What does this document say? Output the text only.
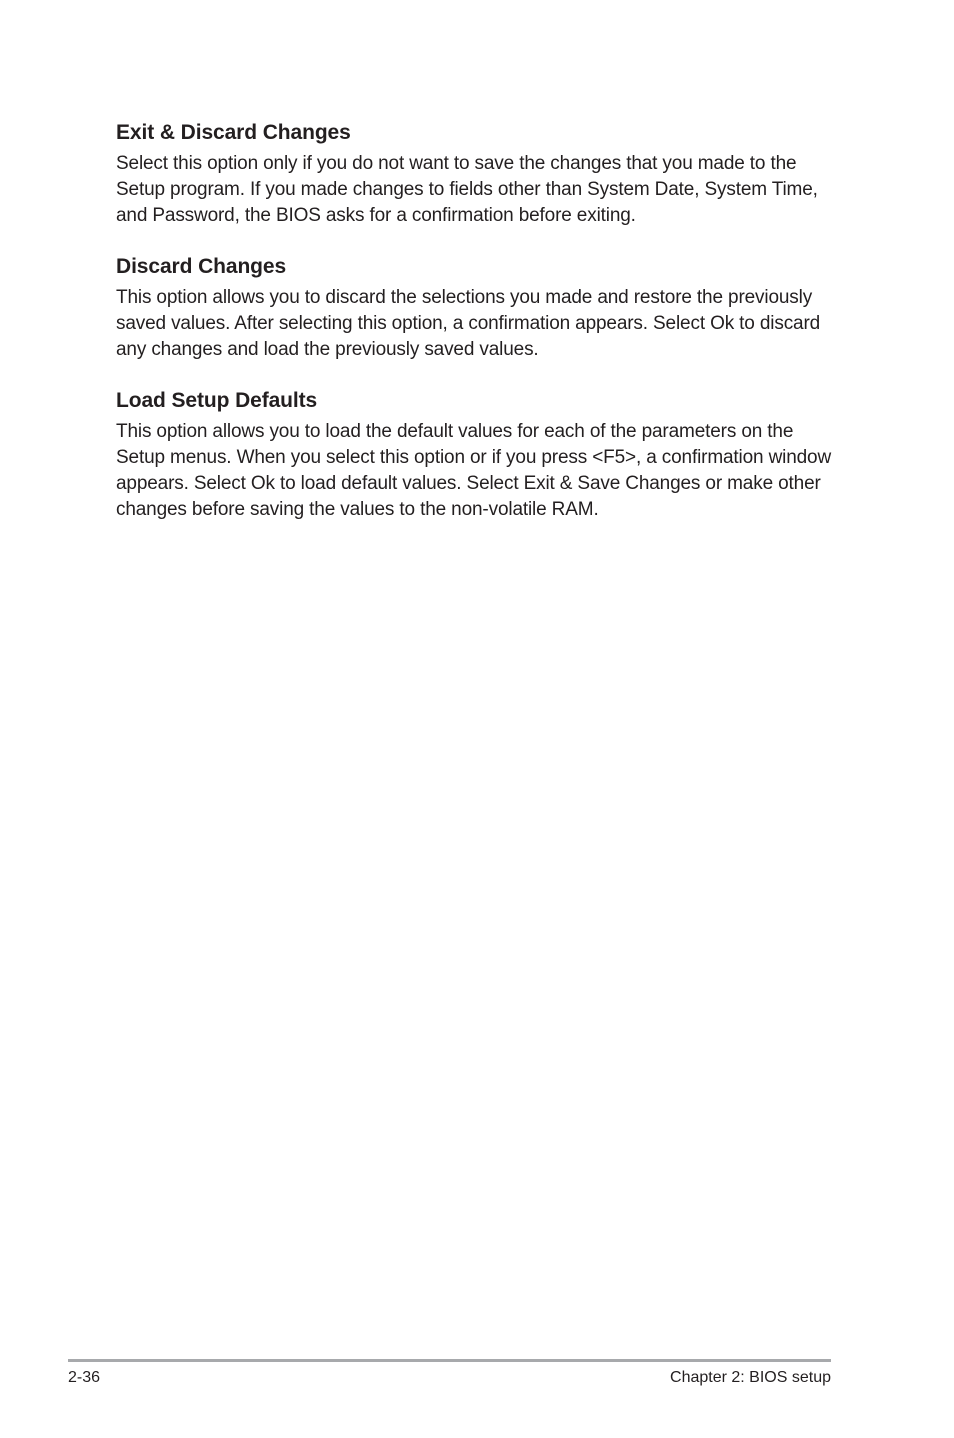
Exit & Discard Changes

Select this option only if you do not want to save the changes that you made to the Setup program. If you made changes to fields other than System Date, System Time, and Password, the BIOS asks for a confirmation before exiting.

Discard Changes

This option allows you to discard the selections you made and restore the previously saved values. After selecting this option, a confirmation appears. Select Ok to discard any changes and load the previously saved values.

Load Setup Defaults

This option allows you to load the default values for each of the parameters on the Setup menus. When you select this option or if you press <F5>, a confirmation window appears. Select Ok to load default values. Select Exit & Save Changes or make other changes before saving the values to the non-volatile RAM.

2-36	Chapter 2: BIOS setup
